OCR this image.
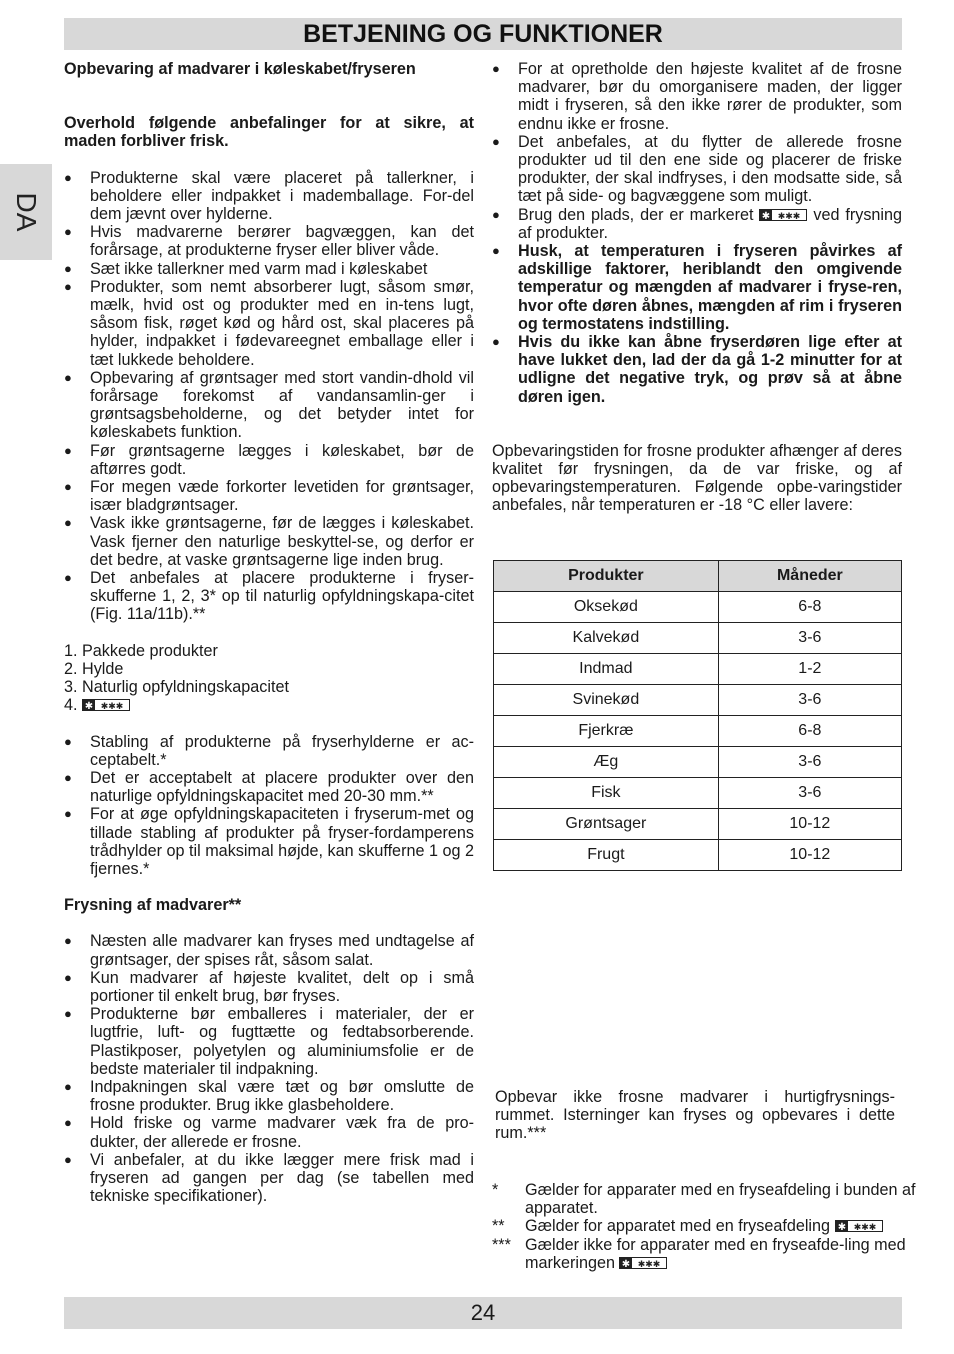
BETJENING OG FUNKTIONER
DA

Opbevaring af madvarer i køleskabet/fryseren

Overhold følgende anbefalinger for at sikre, at maden forbliver frisk.

● Produkterne skal være placeret på tallerkner, i beholdere eller indpakket i mademballage. For-del dem jævnt over hylderne.
● Hvis madvarerne berører bagvæggen, kan det forårsage, at produkterne fryser eller bliver våde.
● Sæt ikke tallerkner med varm mad i køleskabet
● Produkter, som nemt absorberer lugt, såsom smør, mælk, hvid ost og produkter med en in-tens lugt, såsom fisk, røget kød og hård ost, skal placeres på hylder, indpakket i fødevareegnet emballage eller i tæt lukkede beholdere.
● Opbevaring af grøntsager med stort vandin-dhold vil forårsage forekomst af vandansamlin-ger i grøntsagsbeholderne, og det betyder intet for køleskabets funktion.
● Før grøntsagerne lægges i køleskabet, bør de aftørres godt.
● For megen væde forkorter levetiden for grøntsager, især bladgrøntsager.
● Vask ikke grøntsagerne, før de lægges i køleskabet. Vask fjerner den naturlige beskyttel-se, og derfor er det bedre, at vaske grøntsagerne lige inden brug.
● Det anbefales at placere produkterne i fryser-skufferne 1, 2, 3* op til naturlig opfyldningskapa-citet (Fig. 11a/11b).**
1. Pakkede produkter
2. Hylde
3. Naturlig opfyldningskapacitet
4. ✱ ✱✱✱
● Stabling af produkterne på fryserhylderne er ac-ceptabelt.*
● Det er acceptabelt at placere produkter over den naturlige opfyldningskapacitet med 20-30 mm.**
● For at øge opfyldningskapaciteten i fryserum-met og tillade stabling af produkter på fryser-fordamperens trådhylder op til maksimal højde, kan skufferne 1 og 2 fjernes.*

Frysning af madvarer**

● Næsten alle madvarer kan fryses med undtagelse af grøntsager, der spises råt, såsom salat.
● Kun madvarer af højeste kvalitet, delt op i små portioner til enkelt brug, bør fryses.
● Produkterne bør emballeres i materialer, der er lugtfrie, luft- og fugttætte og fedtabsorberende. Plastikposer, polyetylen og aluminiumsfolie er de bedste materialer til indpakning.
● Indpakningen skal være tæt og bør omslutte de frosne produkter. Brug ikke glasbeholdere.
● Hold friske og varme madvarer væk fra de pro-dukter, der allerede er frosne.
● Vi anbefaler, at du ikke lægger mere frisk mad i fryseren ad gangen per dag (se tabellen med tekniske specifikationer).
● For at opretholde den højeste kvalitet af de frosne madvarer, bør du omorganisere maden, der ligger midt i fryseren, så den ikke rører de produkter, som endnu ikke er frosne.
● Det anbefales, at du flytter de allerede frosne produkter ud til den ene side og placerer de friske produkter, der skal indfryses, i den modsatte side, så tæt på side- og bagvæggene som muligt.
● Brug den plads, der er markeret ✱ ✱✱✱ ved frysning af produkter.
● Husk, at temperaturen i fryseren påvirkes af adskillige faktorer, heriblandt den omgivende temperatur og mængden af madvarer i fryse-ren, hvor ofte døren åbnes, mængden af rim i fryseren og termostatens indstilling.
● Hvis du ikke kan åbne fryserdøren lige efter at have lukket den, lad der da gå 1-2 minutter for at udligne det negative tryk, og prøv så at åbne døren igen.

Opbevaringstiden for frosne produkter afhænger af deres kvalitet før frysningen, da de var friske, og af opbevaringstemperaturen. Følgende opbe-varingstider anbefales, når temperaturen er -18 °C eller lavere:

Produkter	Måneder
Oksekød	6-8
Kalvekød	3-6
Indmad	1-2
Svinekød	3-6
Fjerkræ	6-8
Æg	3-6
Fisk	3-6
Grøntsager	10-12
Frugt	10-12

Opbevar ikke frosne madvarer i hurtigfrysnings-rummet. Isterninger kan fryses og opbevares i dette rum.***

*	Gælder for apparater med en fryseafdeling i bunden af apparatet.
**	Gælder for apparatet med en fryseafdeling ✱ ✱✱✱
*** Gælder ikke for apparater med en fryseafde-ling med markeringen ✱ ✱✱✱
24
